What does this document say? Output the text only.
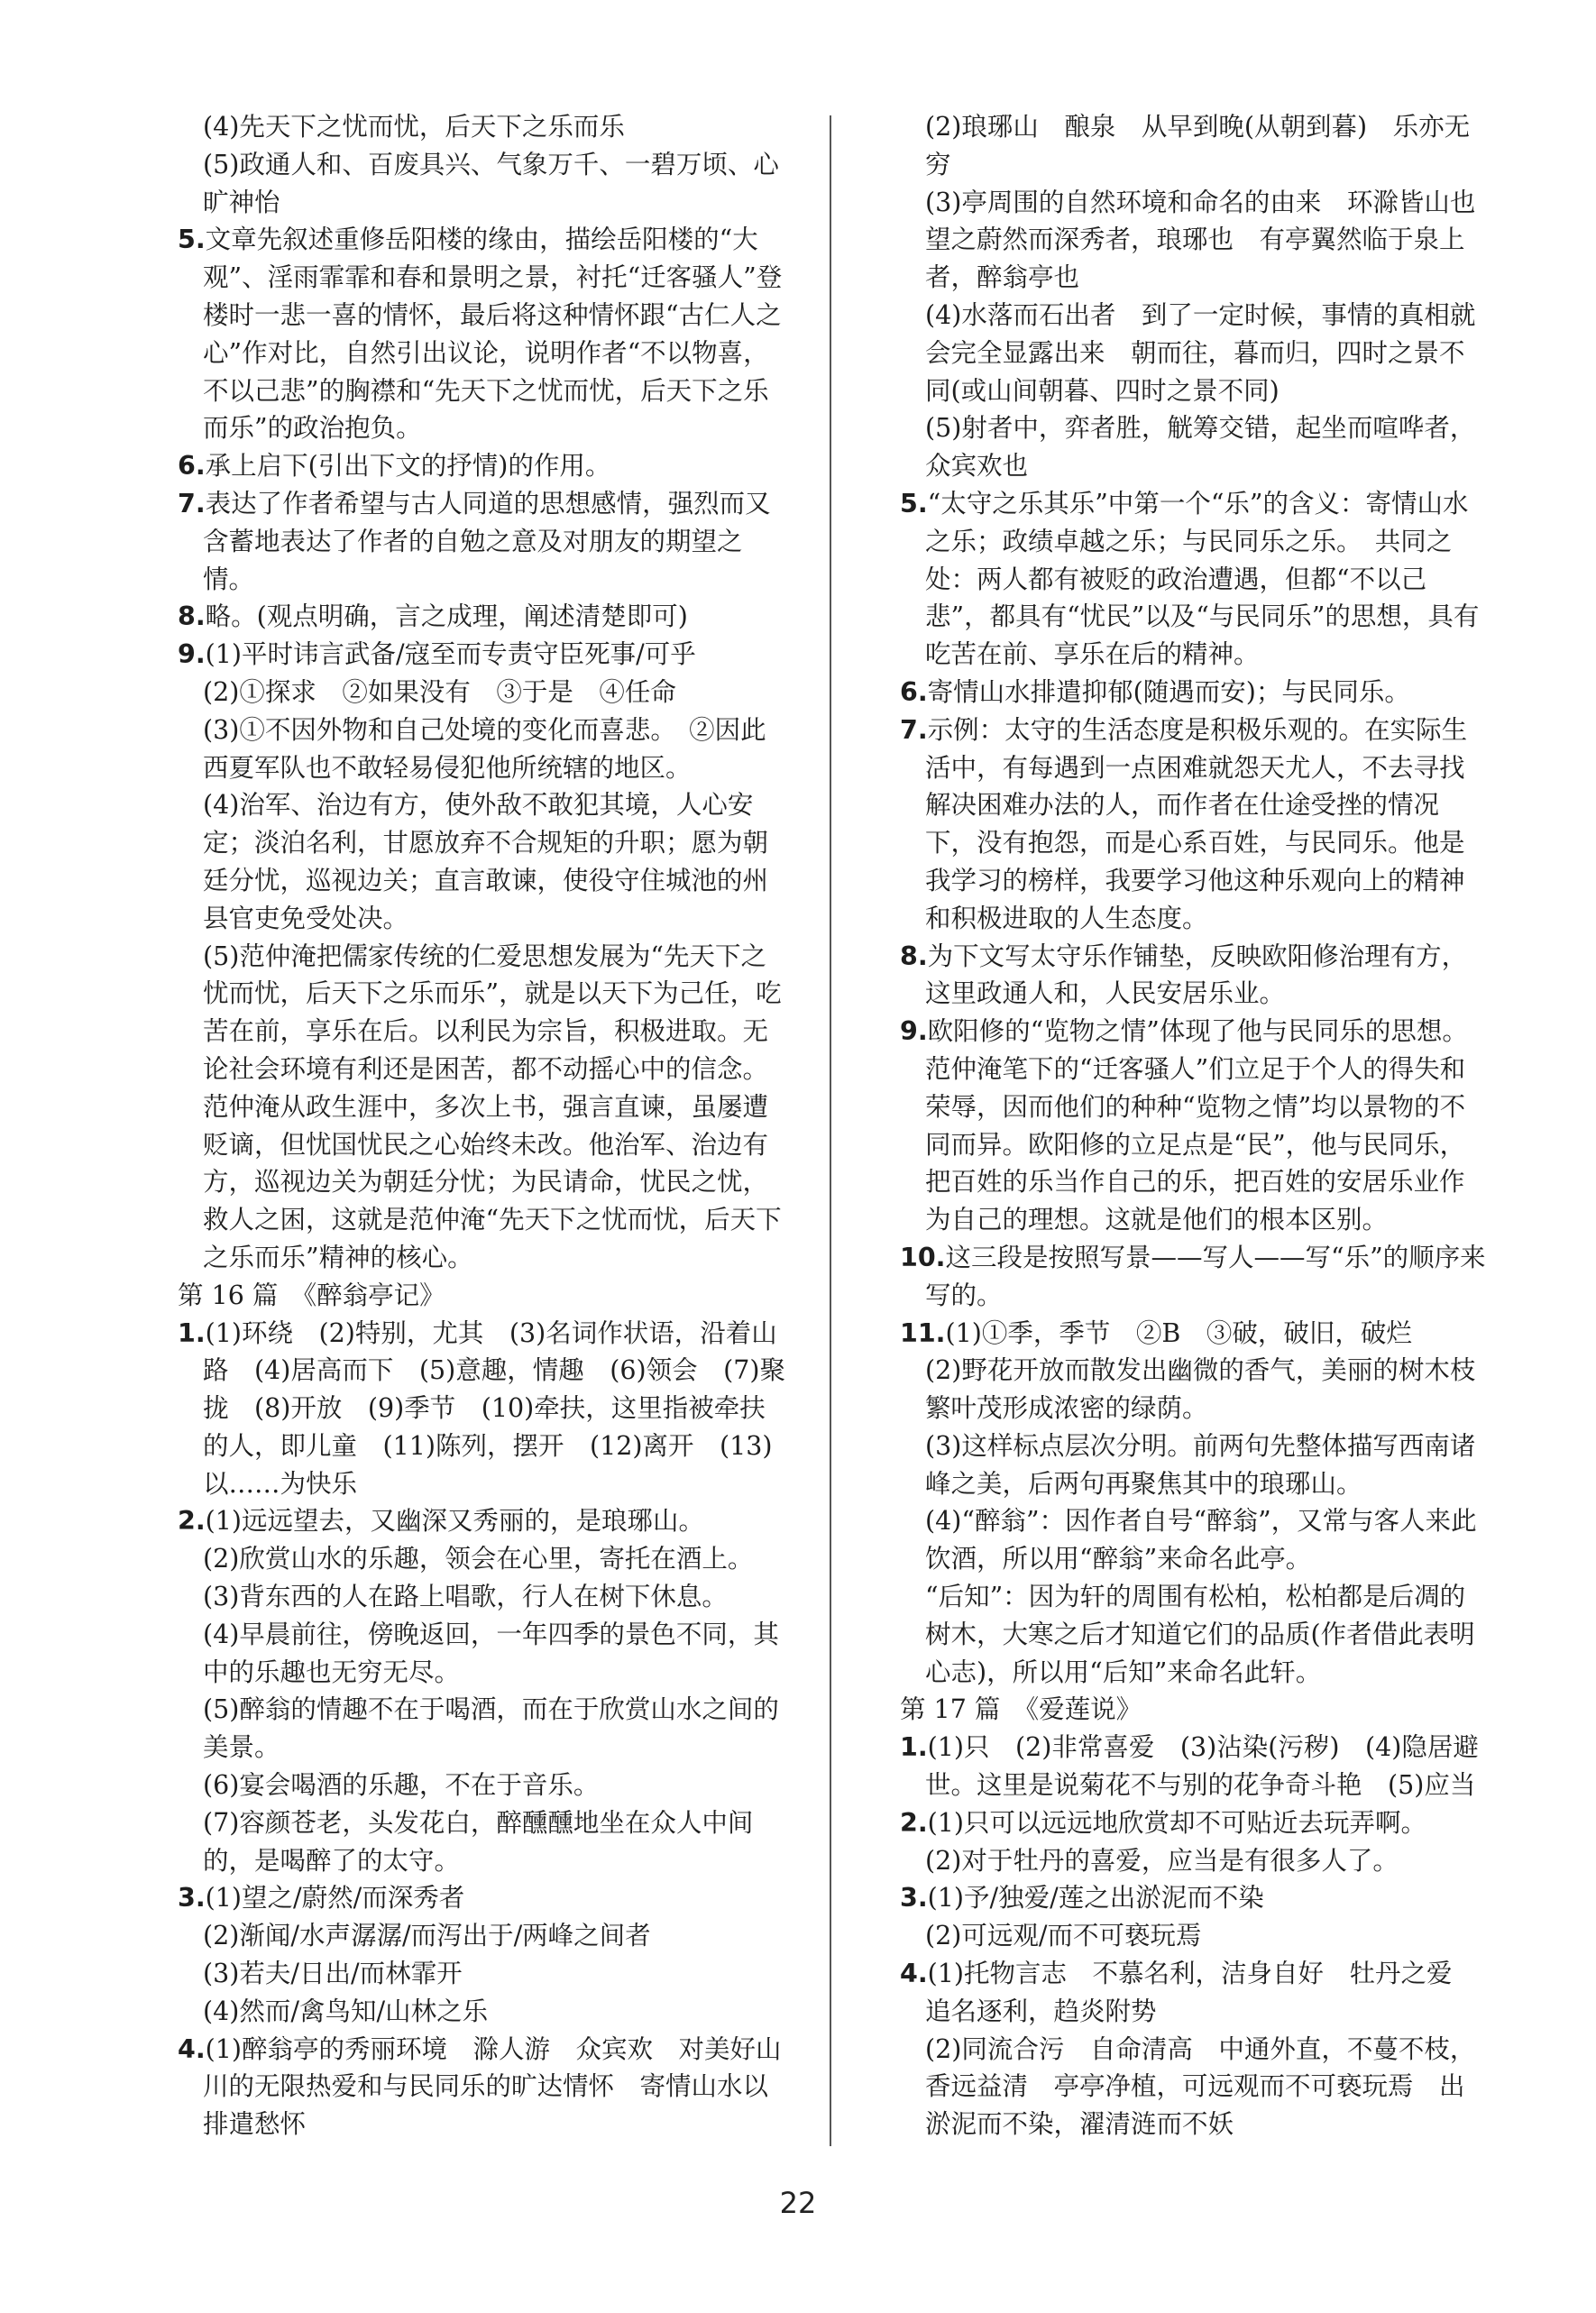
(4)先天下之忧而忧，后天下之乐而乐

(5)政通人和、百废具兴、气象万千、一碧万顷、心旷神怡

5.文章先叙述重修岳阳楼的缘由，描绘岳阳楼的“大观”、淫雨霏霏和春和景明之景，衬托“迁客骚人”登楼时一悲一喜的情怀，最后将这种情怀跟“古仁人之心”作对比，自然引出议论，说明作者“不以物喜，不以己悲”的胸襟和“先天下之忧而忧，后天下之乐而乐”的政治抱负。

6.承上启下(引出下文的抒情)的作用。

7.表达了作者希望与古人同道的思想感情，强烈而又含蓄地表达了作者的自勉之意及对朋友的期望之情。

8.略。(观点明确，言之成理，阐述清楚即可)

9.(1)平时讳言武备/寇至而专责守臣死事/可乎

(2)①探求　②如果没有　③于是　④任命

(3)①不因外物和自己处境的变化而喜悲。　②因此西夏军队也不敢轻易侵犯他所统辖的地区。

(4)治军、治边有方，使外敌不敢犯其境，人心安定；淡泊名利，甘愿放弃不合规矩的升职；愿为朝廷分忧，巡视边关；直言敢谏，使役守住城池的州县官吏免受处决。

(5)范仲淹把儒家传统的仁爱思想发展为“先天下之忧而忧，后天下之乐而乐”，就是以天下为己任，吃苦在前，享乐在后。以利民为宗旨，积极进取。无论社会环境有利还是困苦，都不动摇心中的信念。范仲淹从政生涯中，多次上书，强言直谏，虽屡遭贬谪，但忧国忧民之心始终未改。他治军、治边有方，巡视边关为朝廷分忧；为民请命，忧民之忧，救人之困，这就是范仲淹“先天下之忧而忧，后天下之乐而乐”精神的核心。

第 16 篇　《醉翁亭记》

1.(1)环绕　(2)特别，尤其　(3)名词作状语，沿着山路　(4)居高而下　(5)意趣，情趣　(6)领会　(7)聚拢　(8)开放　(9)季节　(10)牵扶，这里指被牵扶的人，即儿童　(11)陈列，摆开　(12)离开　(13)以……为快乐

2.(1)远远望去，又幽深又秀丽的，是琅琊山。

(2)欣赏山水的乐趣，领会在心里，寄托在酒上。

(3)背东西的人在路上唱歌，行人在树下休息。

(4)早晨前往，傍晚返回，一年四季的景色不同，其中的乐趣也无穷无尽。

(5)醉翁的情趣不在于喝酒，而在于欣赏山水之间的美景。

(6)宴会喝酒的乐趣，不在于音乐。

(7)容颜苍老，头发花白，醉醺醺地坐在众人中间的，是喝醉了的太守。

3.(1)望之/蔚然/而深秀者

(2)渐闻/水声潺潺/而泻出于/两峰之间者

(3)若夫/日出/而林霏开

(4)然而/禽鸟知/山林之乐

4.(1)醉翁亭的秀丽环境　滁人游　众宾欢　对美好山川的无限热爱和与民同乐的旷达情怀　寄情山水以排遣愁怀

(2)琅琊山　酿泉　从早到晚(从朝到暮)　乐亦无穷

(3)亭周围的自然环境和命名的由来　环滁皆山也　望之蔚然而深秀者，琅琊也　有亭翼然临于泉上者，醉翁亭也

(4)水落而石出者　到了一定时候，事情的真相就会完全显露出来　朝而往，暮而归，四时之景不同(或山间朝暮、四时之景不同)

(5)射者中，弈者胜，觥筹交错，起坐而喧哗者，众宾欢也

5.“太守之乐其乐”中第一个“乐”的含义：寄情山水之乐；政绩卓越之乐；与民同乐之乐。　共同之处：两人都有被贬的政治遭遇，但都“不以己悲”，都具有“忧民”以及“与民同乐”的思想，具有吃苦在前、享乐在后的精神。

6.寄情山水排遣抑郁(随遇而安)；与民同乐。

7.示例：太守的生活态度是积极乐观的。在实际生活中，有每遇到一点困难就怨天尤人，不去寻找解决困难办法的人，而作者在仕途受挫的情况下，没有抱怨，而是心系百姓，与民同乐。他是我学习的榜样，我要学习他这种乐观向上的精神和积极进取的人生态度。

8.为下文写太守乐作铺垫，反映欧阳修治理有方，这里政通人和，人民安居乐业。

9.欧阳修的“览物之情”体现了他与民同乐的思想。范仲淹笔下的“迁客骚人”们立足于个人的得失和荣辱，因而他们的种种“览物之情”均以景物的不同而异。欧阳修的立足点是“民”，他与民同乐，把百姓的乐当作自己的乐，把百姓的安居乐业作为自己的理想。这就是他们的根本区别。

10.这三段是按照写景——写人——写“乐”的顺序来写的。

11.(1)①季，季节　②B　③破，破旧，破烂

(2)野花开放而散发出幽微的香气，美丽的树木枝繁叶茂形成浓密的绿荫。

(3)这样标点层次分明。前两句先整体描写西南诸峰之美，后两句再聚焦其中的琅琊山。

(4)“醉翁”：因作者自号“醉翁”，又常与客人来此饮酒，所以用“醉翁”来命名此亭。

“后知”：因为轩的周围有松柏，松柏都是后凋的树木，大寒之后才知道它们的品质(作者借此表明心志)，所以用“后知”来命名此轩。

第 17 篇　《爱莲说》

1.(1)只　(2)非常喜爱　(3)沾染(污秽)　(4)隐居避世。这里是说菊花不与别的花争奇斗艳　(5)应当

2.(1)只可以远远地欣赏却不可贴近去玩弄啊。

(2)对于牡丹的喜爱，应当是有很多人了。

3.(1)予/独爱/莲之出淤泥而不染

(2)可远观/而不可亵玩焉

4.(1)托物言志　不慕名利，洁身自好　牡丹之爱　追名逐利，趋炎附势

(2)同流合污　自命清高　中通外直，不蔓不枝，香远益清　亭亭净植，可远观而不可亵玩焉　出淤泥而不染，濯清涟而不妖

22
